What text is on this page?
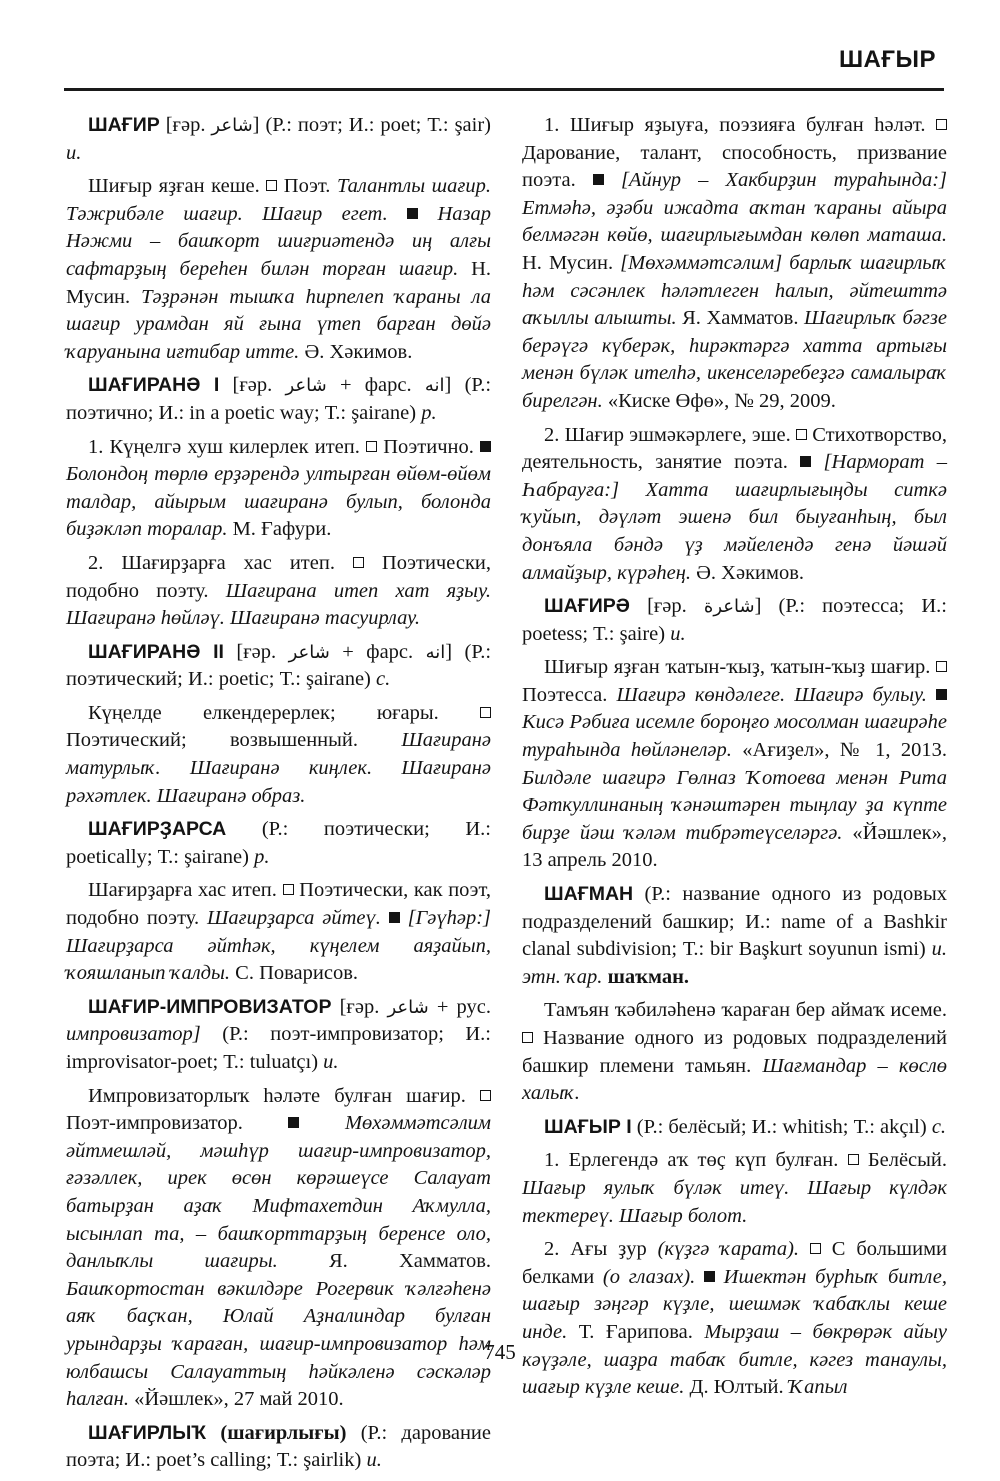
ШАҒЫР

ШАҒИР [ғәр. شاعر] (Р.: поэт; И.: poet; Т.: şair) и.

Шиғыр яҙған кеше. Поэт. Талантлы шағир. Тәжрибәле шағир. Шағир егет. Назар Нәжми – башҡорт шиғриәтендә иң алғы сафтарҙың береһен билән торған шағир. Н. Мусин. Тәҙрәнән тышҡа һирпелеп ҡараны ла шағир урамдан яй ғына үтеп барған дөйә ҡаруанына иғтибар итте. Ә. Хәкимов.

ШАҒИРАНӘ I [ғәр. شاعر + фарс. انه] (Р.: поэтично; И.: in a poetic way; Т.: şairane) р.

1. Күңелгә хуш килерлек итеп. Поэтично.  Болондоң төрлө ерҙәрендә ултырған өйөм-өйөм талдар, айырым шағиранә булып, болонда биҙәкләп торалар. М. Ғафури.

2. Шағирҙарға хас итеп. Поэтически, подобно поэту. Шағирана итеп хат яҙыу. Шағиранә һөйләү. Шағиранә тасуирлау.

ШАҒИРАНӘ II [ғәр. شاعر + фарс. انه] (Р.: поэтический; И.: poetic; Т.: şairane) с.

Күңелде елкендерерлек; юғары.  Поэтический; возвышенный. Шағиранә матурлыҡ. Шағиранә киңлек. Шағиранә рәхәтлек. Шағиранә образ.

ШАҒИРҘАРСА (Р.: поэтически; И.: poetically; Т.: şairane) р.

Шағирҙарға хас итеп. Поэтически, как поэт, подобно поэту. Шағирҙарса әйтеү. [Гәүһәр:] Шағирҙарса әйтһәк, күңелем аяҙайып, ҡояшланып ҡалды. С. Поварисов.

ШАҒИР-ИМПРОВИЗАТОР [ғәр. شاعر + рус. импровизатор] (Р.: поэт-импровизатор; И.: improvisator-poet; Т.: tuluatçı) и.

Импровизаторлыҡ һәләте булған шағир.  Поэт-импровизатор.	Мөхәммәтсәлим әйтмешләй, мәшһүр шағир-импровизатор, ғәзәллек, ирек өсөн көрәшеүсе Салауат батырҙан аҙаҡ Мифтахетдин Аҡмулла, ысынлап та, – башҡорттарҙың беренсе оло, данлыҡлы шағиры. Я. Хамматов. Башҡортостан вәкилдәре Рогервик ҡәлғәһенә аяҡ баҫҡан, Юлай Аҙналиндар булған урындарҙы ҡараған, шағир-импровизатор һәм юлбашсы Салауаттың һәйкәленә сәскәләр һалған. «Йәшлек», 27 май 2010.

ШАҒИРЛЫҠ (шағирлығы) (Р.: дарование поэта; И.: poet’s calling; Т.: şairlik) и.

1. Шиғыр яҙыуға, поэзияға булған һәләт.  Дарование, талант, способность, призвание поэта. [Айнур – Хакбирҙин тураһында:] Етмәһә, әҙәби ижадта аҡтан ҡараны айыра белмәгән көйө, шағирлығымдан көлөп маташа. Н. Мусин. [Мөхәммәтсәлим] барлыҡ шағирлыҡ һәм сәсәнлек һәләтлеген һалып, әйтешттә аҡыллы алышты. Я. Хамматов. Шағирлыҡ бәгзе берәүгә күберәк, һирәктәргә хатта артығы менән бүләк ителһә, икенселәребеҙгә самалыраҡ бирелгән. «Киске Өфө», № 29, 2009.

2. Шағир эшмәкәрлеге, эше. Стихотворство, деятельность, занятие поэта. [Нарморат – Һабрауға:] Хатта шағирлығыңды ситкә ҡуйып, дәүләт эшенә бил быуғанһың, был донъяла бәндә үҙ мәйелендә генә йәшәй алмайҙыр, күрәһең. Ә. Хәкимов.

ШАҒИРӘ [ғәр. شاعرة] (Р.: поэтесса; И.: poetess; Т.: şaire) и.

Шиғыр яҙған ҡатын-ҡыҙ, ҡатын-ҡыҙ шағир.  Поэтесса. Шағирә көндәлеге. Шағирә булыу.  Кисә Рәбиға исемле бороңғо мосолман шағирәһе тураһында һөйләнеләр. «Ағиҙел», № 1, 2013. Билдәле шағирә Гөлназ Ҡотоева менән Рита Фәткуллинаның ҡәнәштәрен тыңлау ҙа күпте бирҙе йәш ҡәләм тибрәтеүселәргә. «Йәшлек», 13 апрель 2010.

ШАҒМАН (Р.: название одного из родовых подразделений башкир; И.: name of a Bashkir clanal subdivision; Т.: bir Başkurt soyunun ismi) и. этн. ҡар. шаҡман.

Тамъян ҡәбиләһенә ҡараған бер аймаҡ исеме.  Название одного из родовых подразделений башкир племени тамьян. Шағмандар – көслө халыҡ.

ШАҒЫР I (Р.: белёсый; И.: whitish; Т.: akçıl) с.

1. Ерлегендә аҡ төҫ күп булған. Белёсый. Шағыр яулыҡ бүләк итеү. Шағыр күлдәк тектереү. Шағыр болот.

2. Ағы ҙур (күҙгә ҡарата). С большими белками (о глазах). Ишектән бурһыҡ битле, шағыр зәңгәр күҙле, шешмәк ҡабаҡлы кеше инде. Т. Ғарипова. Мырҙаш – бөкрөрәк айыу кәүҙәле, шаҙра табаҡ битле, кәгез танаулы, шағыр күҙле кеше. Д. Юлтый. Ҡапыл

745
